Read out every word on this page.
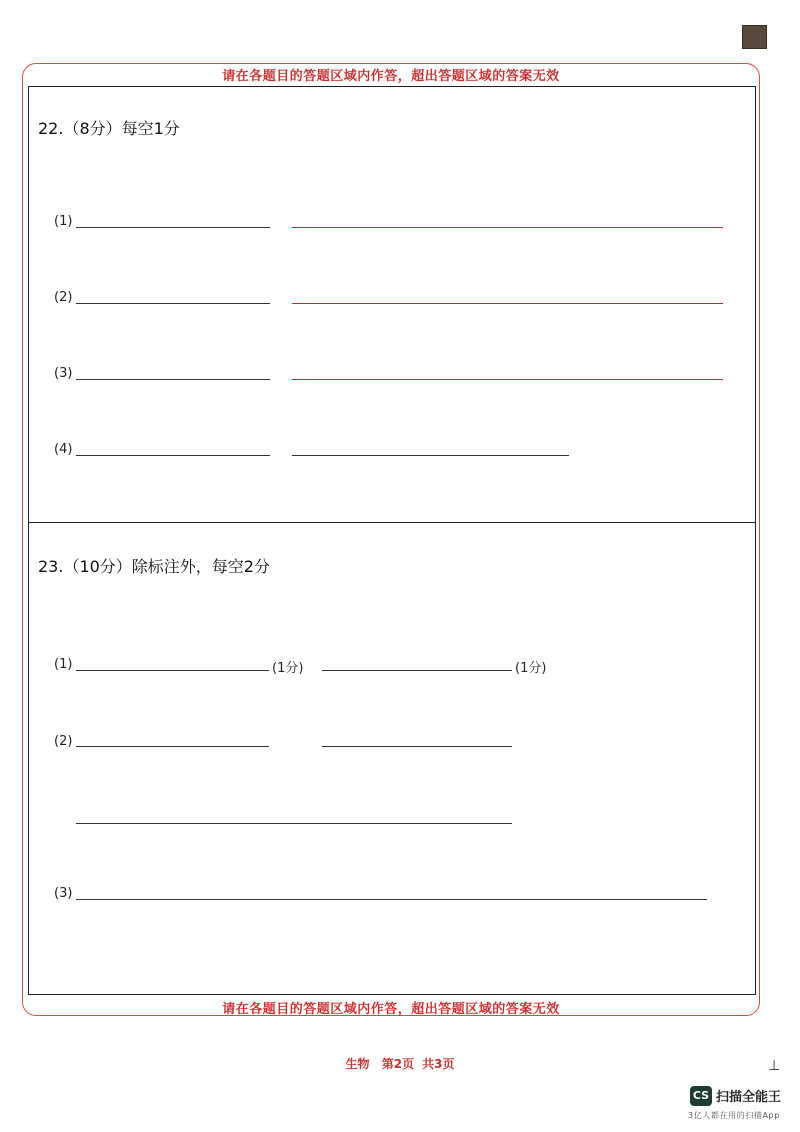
请在各题目的答题区域内作答，超出答题区域的答案无效
22.（8分）每空1分
(1)
(2)
(3)
(4)
23.（10分）除标注外，每空2分
(1)	(1分)	(1分)
(2)
(3)
请在各题目的答题区域内作答，超出答题区域的答案无效
生物 第2页 共3页	⊥
CS 扫描全能王
3亿人都在用的扫描App
